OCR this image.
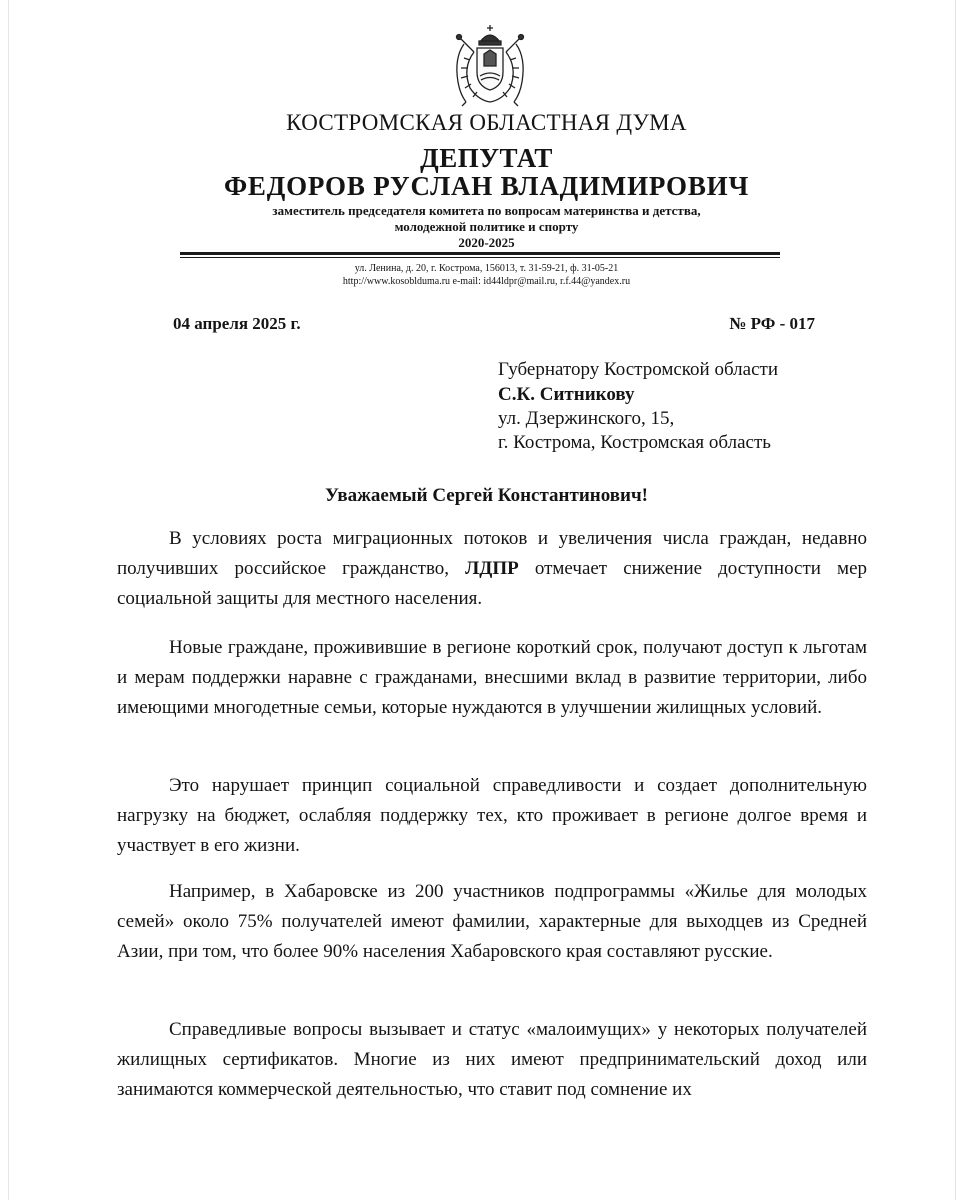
КОСТРОМСКАЯ ОБЛАСТНАЯ ДУМА
ДЕПУТАТ
ФЕДОРОВ РУСЛАН ВЛАДИМИРОВИЧ
заместитель председателя комитета по вопросам материнства и детства,
молодежной политике и спорту
2020-2025
ул. Ленина, д. 20, г. Кострома, 156013, т. 31-59-21, ф. 31-05-21
http://www.kosoblduma.ru e-mail: id44ldpr@mail.ru, r.f.44@yandex.ru
04 апреля 2025 г.	№ РФ - 017
Губернатору Костромской области
С.К. Ситникову
ул. Дзержинского, 15,
г. Кострома, Костромская область
Уважаемый Сергей Константинович!

В условиях роста миграционных потоков и увеличения числа граждан, недавно получивших российское гражданство, ЛДПР отмечает снижение доступности мер социальной защиты для местного населения.

Новые граждане, проживившие в регионе короткий срок, получают доступ к льготам и мерам поддержки наравне с гражданами, внесшими вклад в развитие территории, либо имеющими многодетные семьи, которые нуждаются в улучшении жилищных условий.

Это нарушает принцип социальной справедливости и создает дополнительную нагрузку на бюджет, ослабляя поддержку тех, кто проживает в регионе долгое время и участвует в его жизни.

Например, в Хабаровске из 200 участников подпрограммы «Жилье для молодых семей» около 75% получателей имеют фамилии, характерные для выходцев из Средней Азии, при том, что более 90% населения Хабаровского края составляют русские.

Справедливые вопросы вызывает и статус «малоимущих» у некоторых получателей жилищных сертификатов. Многие из них имеют предпринимательский доход или занимаются коммерческой деятельностью, что ставит под сомнение их
